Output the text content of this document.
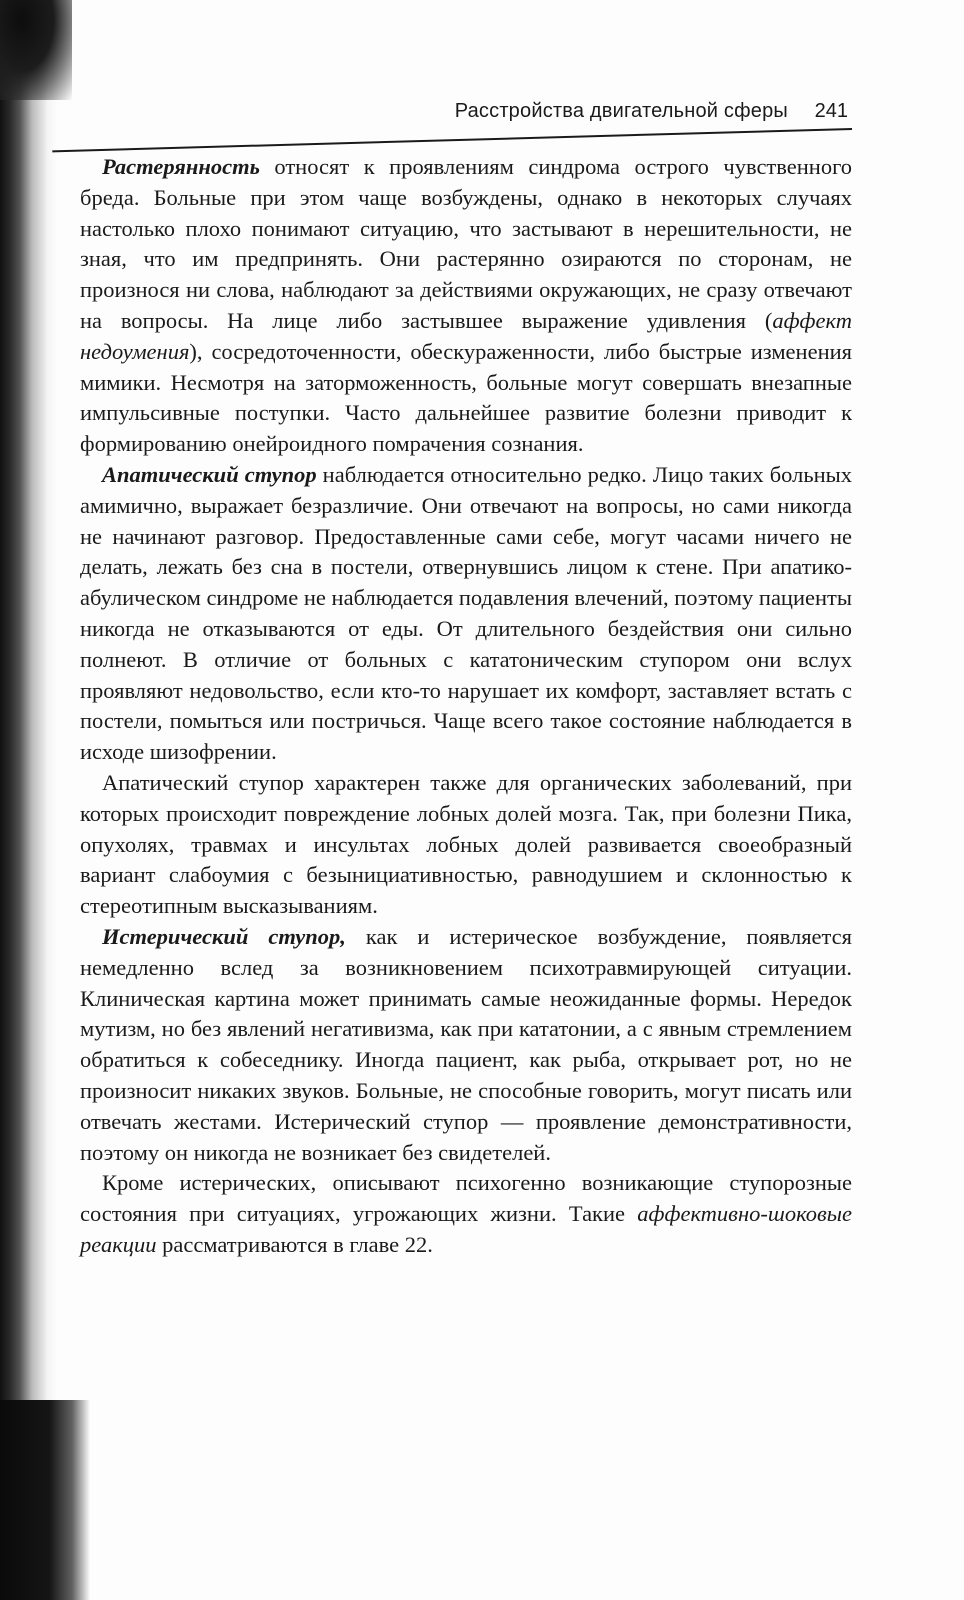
Расстройства двигательной сферы 241

Растерянность относят к проявлениям синдрома острого чувственного бреда. Больные при этом чаще возбуждены, однако в некоторых случаях настолько плохо понимают ситуацию, что застывают в нерешительности, не зная, что им предпринять. Они растерянно озираются по сторонам, не произнося ни слова, наблюдают за действиями окружающих, не сразу отвечают на вопросы. На лице либо застывшее выражение удивления (аффект недоумения), сосредоточенности, обескураженности, либо быстрые изменения мимики. Несмотря на заторможенность, больные могут совершать внезапные импульсивные поступки. Часто дальнейшее развитие болезни приводит к формированию онейроидного помрачения сознания.

Апатический ступор наблюдается относительно редко. Лицо таких больных амимично, выражает безразличие. Они отвечают на вопросы, но сами никогда не начинают разговор. Предоставленные сами себе, могут часами ничего не делать, лежать без сна в постели, отвернувшись лицом к стене. При апатико-абулическом синдроме не наблюдается подавления влечений, поэтому пациенты никогда не отказываются от еды. От длительного бездействия они сильно полнеют. В отличие от больных с кататоническим ступором они вслух проявляют недовольство, если кто-то нарушает их комфорт, заставляет встать с постели, помыться или постричься. Чаще всего такое состояние наблюдается в исходе шизофрении.

Апатический ступор характерен также для органических заболеваний, при которых происходит повреждение лобных долей мозга. Так, при болезни Пика, опухолях, травмах и инсультах лобных долей развивается своеобразный вариант слабоумия с безынициативностью, равнодушием и склонностью к стереотипным высказываниям.

Истерический ступор, как и истерическое возбуждение, появляется немедленно вслед за возникновением психотравмирующей ситуации. Клиническая картина может принимать самые неожиданные формы. Нередок мутизм, но без явлений негативизма, как при кататонии, а с явным стремлением обратиться к собеседнику. Иногда пациент, как рыба, открывает рот, но не произносит никаких звуков. Больные, не способные говорить, могут писать или отвечать жестами. Истерический ступор — проявление демонстративности, поэтому он никогда не возникает без свидетелей.

Кроме истерических, описывают психогенно возникающие ступорозные состояния при ситуациях, угрожающих жизни. Такие аффективно-шоковые реакции рассматриваются в главе 22.
